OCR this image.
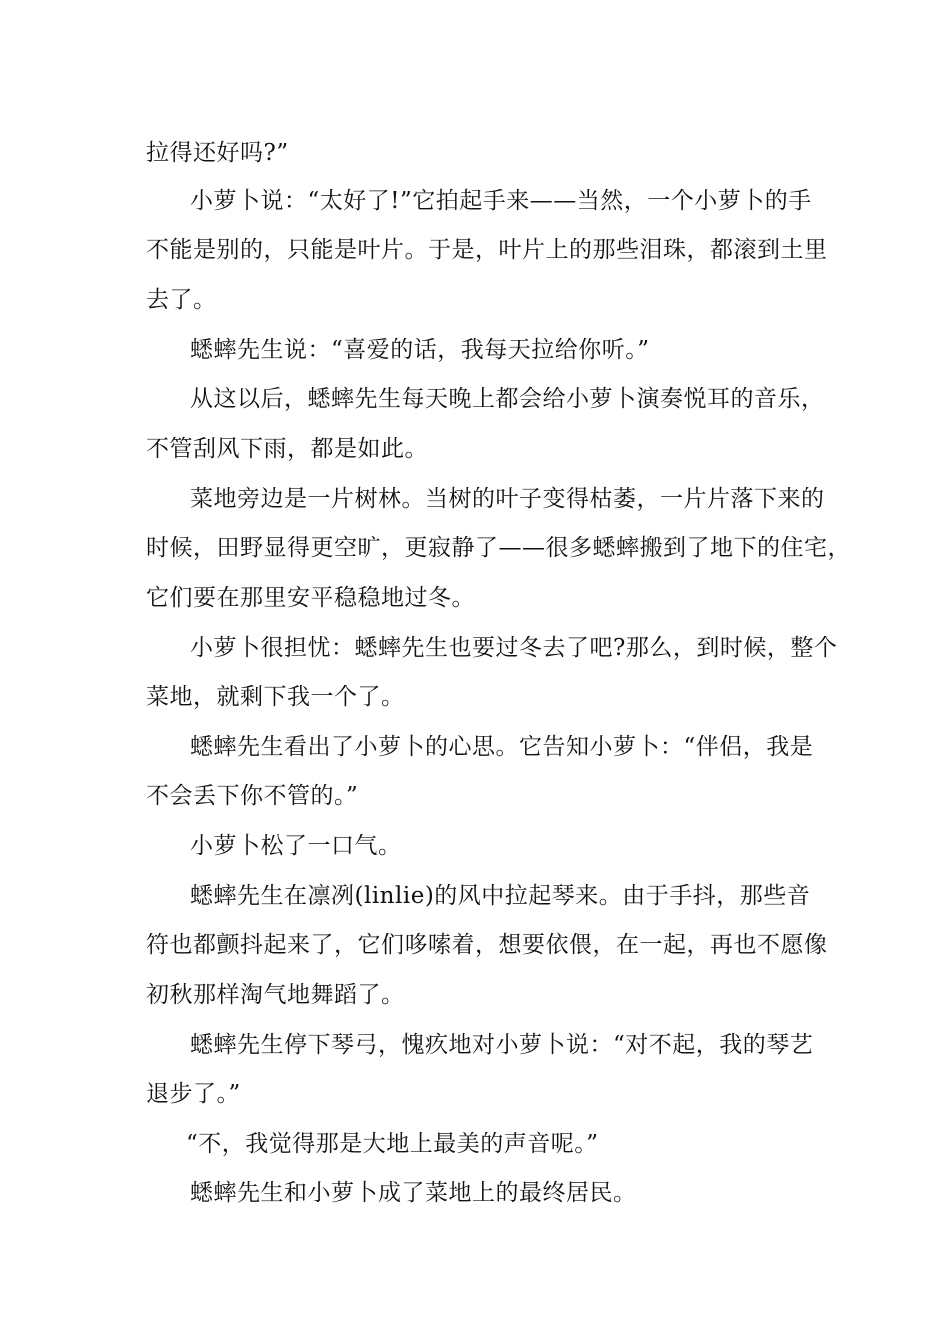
拉得还好吗?”
小萝卜说：“太好了!”它拍起手来——当然，一个小萝卜的手
不能是别的，只能是叶片。于是，叶片上的那些泪珠，都滚到土里
去了。
蟋蟀先生说：“喜爱的话，我每天拉给你听。”
从这以后，蟋蟀先生每天晚上都会给小萝卜演奏悦耳的音乐，
不管刮风下雨，都是如此。
菜地旁边是一片树林。当树的叶子变得枯萎，一片片落下来的
时候，田野显得更空旷，更寂静了——很多蟋蟀搬到了地下的住宅，
它们要在那里安平稳稳地过冬。
小萝卜很担忧：蟋蟀先生也要过冬去了吧?那么，到时候，整个
菜地，就剩下我一个了。
蟋蟀先生看出了小萝卜的心思。它告知小萝卜：“伴侣，我是
不会丢下你不管的。”
小萝卜松了一口气。
蟋蟀先生在凛冽(linlie)的风中拉起琴来。由于手抖，那些音
符也都颤抖起来了，它们哆嗦着，想要依偎，在一起，再也不愿像
初秋那样淘气地舞蹈了。
蟋蟀先生停下琴弓，愧疚地对小萝卜说：“对不起，我的琴艺
退步了。”
“不，我觉得那是大地上最美的声音呢。”
蟋蟀先生和小萝卜成了菜地上的最终居民。
